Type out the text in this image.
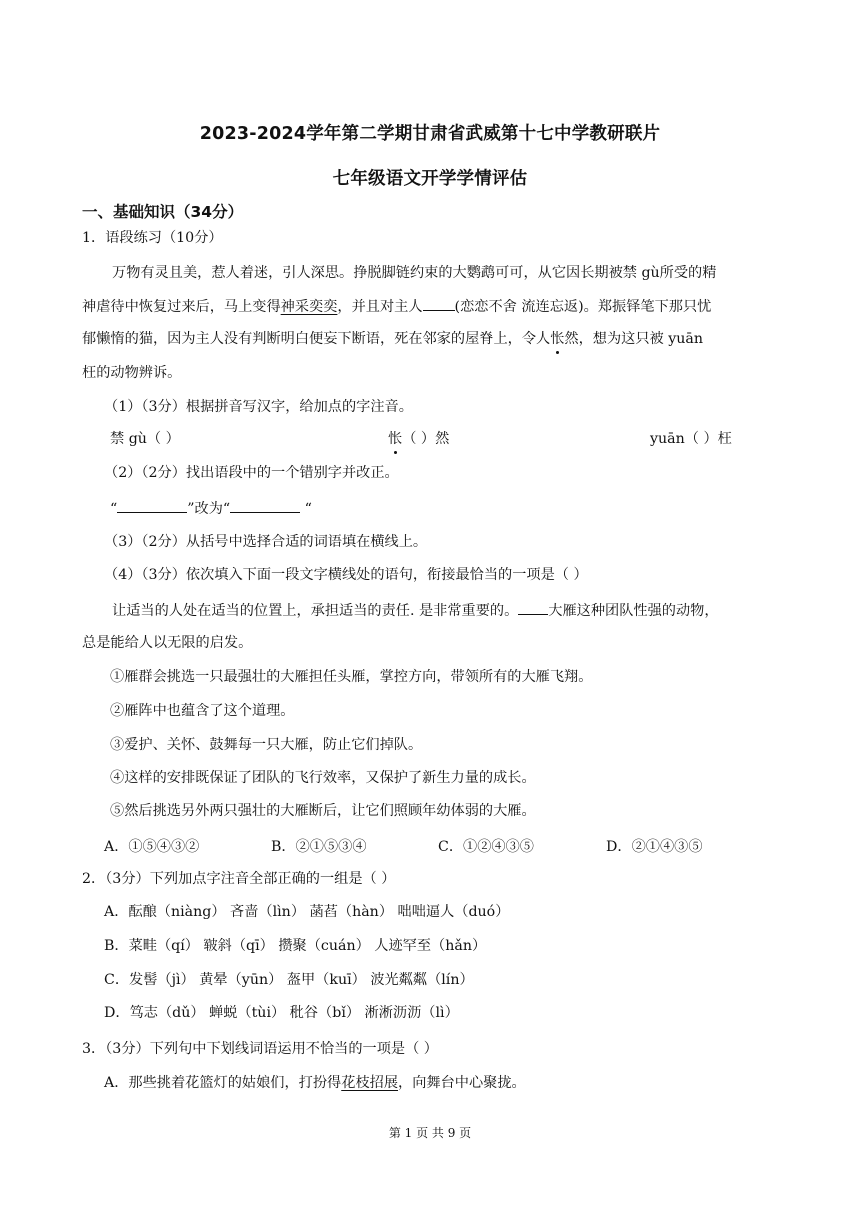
2023-2024学年第二学期甘肃省武威第十七中学教研联片
七年级语文开学学情评估
一、基础知识（34分）
1．语段练习（10分）
万物有灵且美，惹人着迷，引人深思。挣脱脚链约束的大鹦鹉可可，从它因长期被禁 gù所受的精
神虐待中恢复过来后，马上变得神采奕奕，并且对主人 (恋恋不舍 流连忘返)。郑振铎笔下那只忧
郁懒惰的猫，因为主人没有判断明白便妄下断语，死在邻家的屋脊上，令人怅然，想为这只被 yuān
枉的动物辨诉。
（1）（3分）根据拼音写汉字，给加点的字注音。
禁 gù（ ）	怅（ ）然	yuān（ ）枉
（2）（2分）找出语段中的一个错别字并改正。
“	”改为“	“
（3）（2分）从括号中选择合适的词语填在横线上。
（4）（3分）依次填入下面一段文字横线处的语句，衔接最恰当的一项是（ ）
让适当的人处在适当的位置上，承担适当的责任. 是非常重要的。 大雁这种团队性强的动物，
总是能给人以无限的启发。
①雁群会挑选一只最强壮的大雁担任头雁，掌控方向，带领所有的大雁飞翔。
②雁阵中也蕴含了这个道理。
③爱护、关怀、鼓舞每一只大雁，防止它们掉队。
④这样的安排既保证了团队的飞行效率，又保护了新生力量的成长。
⑤然后挑选另外两只强壮的大雁断后，让它们照顾年幼体弱的大雁。
A．①⑤④③②	B．②①⑤③④	C．①②④③⑤	D．②①④③⑤
2．（3分）下列加点字注音全部正确的一组是（ ）
A．酝酿（niàng） 吝啬（lìn） 菡萏（hàn） 咄咄逼人（duó）
B．菜畦（qí） 皲斜（qī） 攒聚（cuán） 人迹罕至（hǎn）
C．发髻（jì） 黄晕（yūn） 盔甲（kuī） 波光粼粼（lín）
D．笃志（dǔ） 蝉蜕（tùi） 秕谷（bǐ） 淅淅沥沥（lì）
3．（3分）下列句中下划线词语运用不恰当的一项是（ ）
A．那些挑着花篮灯的姑娘们，打扮得花枝招展，向舞台中心聚拢。
第 1 页 共 9 页
